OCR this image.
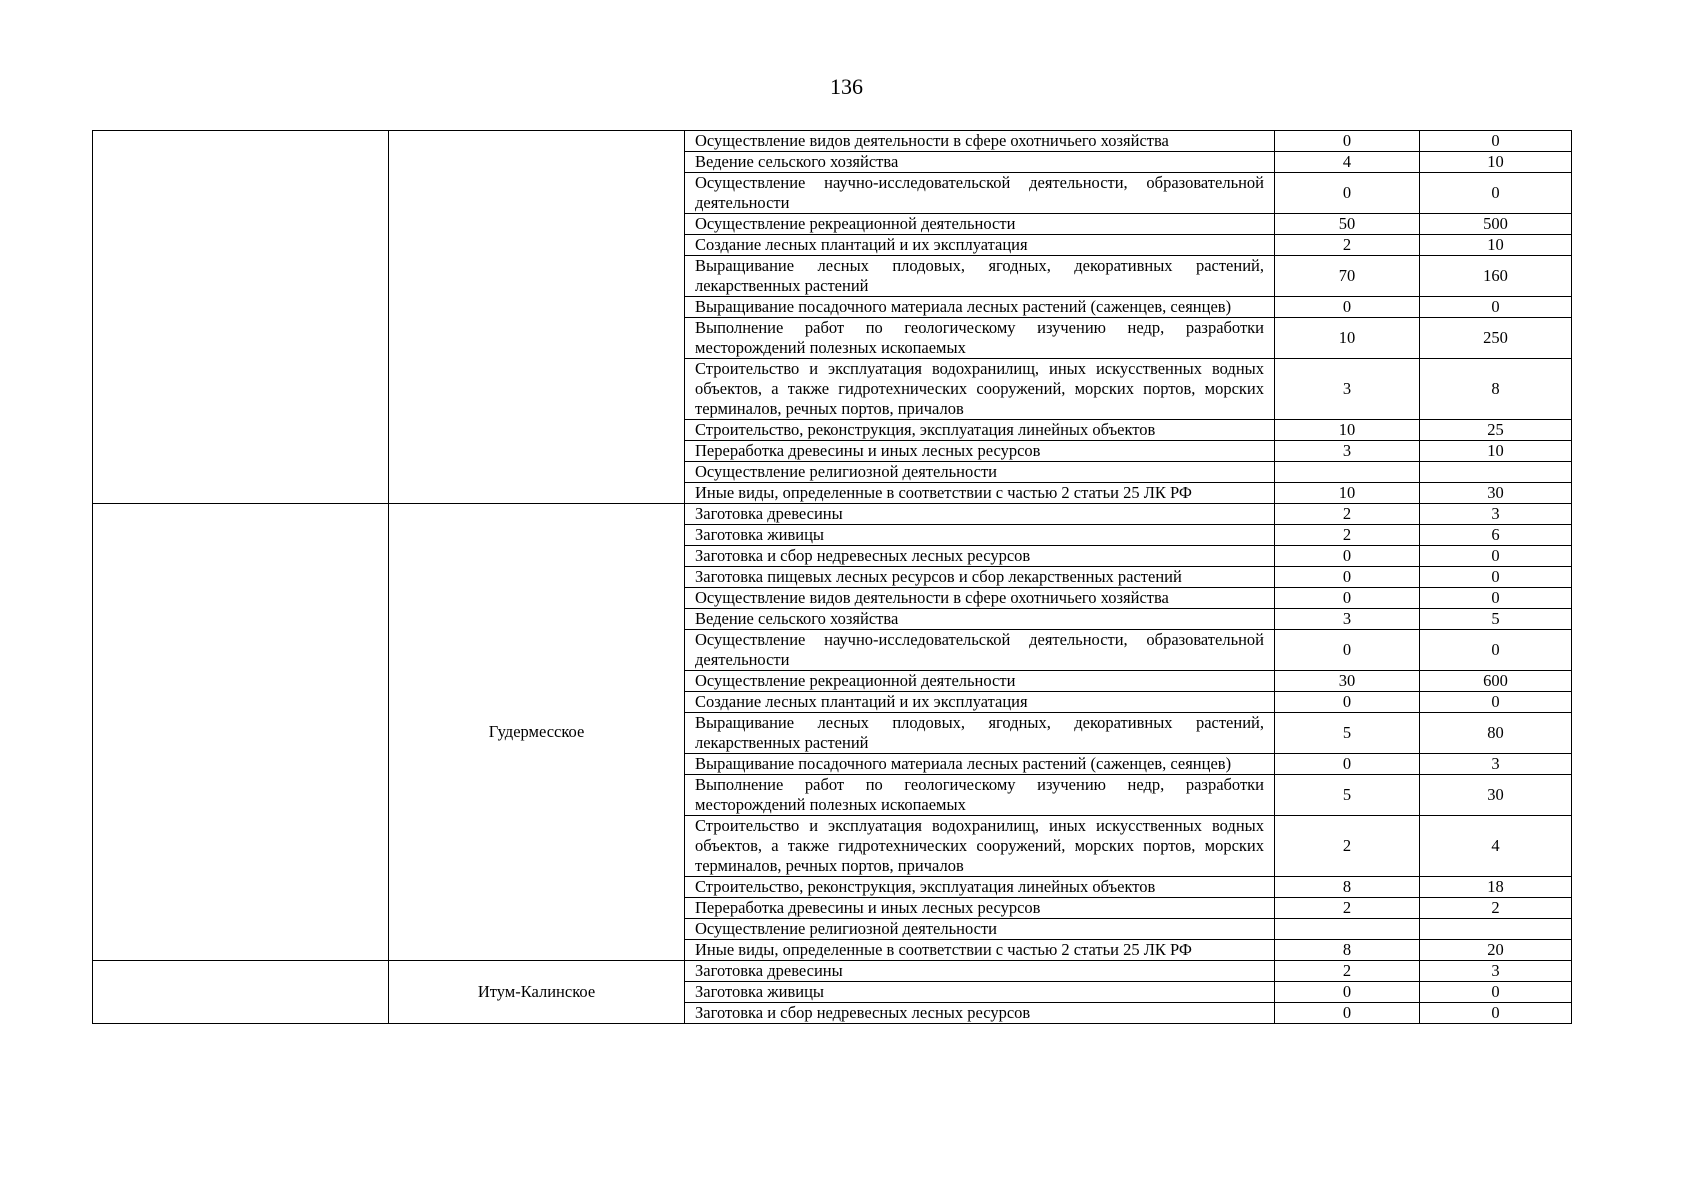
136
		Осуществление видов деятельности в сфере охотничьего хозяйства	0	0
		Ведение сельского хозяйства	4	10
		Осуществление научно-исследовательской деятельности, образовательной деятельности	0	0
		Осуществление рекреационной деятельности	50	500
		Создание лесных плантаций и их эксплуатация	2	10
		Выращивание лесных плодовых, ягодных, декоративных растений, лекарственных растений	70	160
		Выращивание посадочного материала лесных растений (саженцев, сеянцев)	0	0
		Выполнение работ по геологическому изучению недр, разработки месторождений полезных ископаемых	10	250
		Строительство и эксплуатация водохранилищ, иных искусственных водных объектов, а также гидротехнических сооружений, морских портов, морских терминалов, речных портов, причалов	3	8
		Строительство, реконструкция, эксплуатация линейных объектов	10	25
		Переработка древесины и иных лесных ресурсов	3	10
		Осуществление религиозной деятельности		
		Иные виды, определенные в соответствии с частью 2 статьи 25 ЛК РФ	10	30
	Гудермесское	Заготовка древесины	2	3
		Заготовка живицы	2	6
		Заготовка и сбор недревесных лесных ресурсов	0	0
		Заготовка пищевых лесных ресурсов и сбор лекарственных растений	0	0
		Осуществление видов деятельности в сфере охотничьего хозяйства	0	0
		Ведение сельского хозяйства	3	5
		Осуществление научно-исследовательской деятельности, образовательной деятельности	0	0
		Осуществление рекреационной деятельности	30	600
		Создание лесных плантаций и их эксплуатация	0	0
		Выращивание лесных плодовых, ягодных, декоративных растений, лекарственных растений	5	80
		Выращивание посадочного материала лесных растений (саженцев, сеянцев)	0	3
		Выполнение работ по геологическому изучению недр, разработки месторождений полезных ископаемых	5	30
		Строительство и эксплуатация водохранилищ, иных искусственных водных объектов, а также гидротехнических сооружений, морских портов, морских терминалов, речных портов, причалов	2	4
		Строительство, реконструкция, эксплуатация линейных объектов	8	18
		Переработка древесины и иных лесных ресурсов	2	2
		Осуществление религиозной деятельности		
		Иные виды, определенные в соответствии с частью 2 статьи 25 ЛК РФ	8	20
	Итум-Калинское	Заготовка древесины	2	3
		Заготовка живицы	0	0
		Заготовка и сбор недревесных лесных ресурсов	0	0
